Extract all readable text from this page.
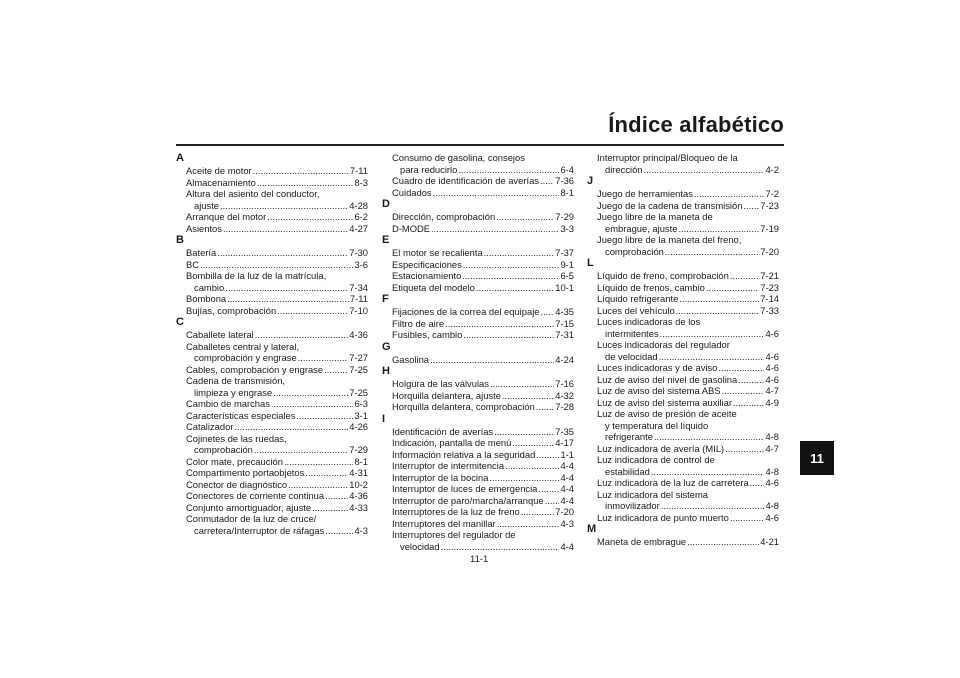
Índice alfabético
A
Aceite de motor .....	7-11
Almacenamiento .....	8-3
Altura del asiento del conductor,
ajuste .....	4-28
Arranque del motor .....	6-2
Asientos .....	4-27
B
Batería .....	7-30
BC .....	3-6
Bombilla de la luz de la matrícula,
cambio .....	7-34
Bombona .....	7-11
Bujías, comprobación .....	7-10
C
Caballete lateral .....	4-36
Caballetes central y lateral,
comprobación y engrase .....	7-27
Cables, comprobación y engrase .....	7-25
Cadena de transmisión,
limpieza y engrase .....	7-25
Cambio de marchas .....	6-3
Características especiales .....	3-1
Catalizador .....	4-26
Cojinetes de las ruedas,
comprobación .....	7-29
Color mate, precaución .....	8-1
Compartimento portaobjetos .....	4-31
Conector de diagnóstico .....	10-2
Conectores de corriente continua .....	4-36
Conjunto amortiguador, ajuste .....	4-33
Conmutador de la luz de cruce/
carretera/Interruptor de ráfagas .....	4-3
Consumo de gasolina, consejos
para reducirlo .....	6-4
Cuadro de identificación de averías ..... 7-36
Cuidados .....	8-1
D
Dirección, comprobación .....	7-29
D-MODE .....	3-3
E
El motor se recalienta .....	7-37
Especificaciones .....	9-1
Estacionamiento .....	6-5
Etiqueta del modelo .....	10-1
F
Fijaciones de la correa del equipaje ..... 4-35
Filtro de aire .....	7-15
Fusibles, cambio .....	7-31
G
Gasolina .....	4-24
H
Holgura de las válvulas .....	7-16
Horquilla delantera, ajuste .....	4-32
Horquilla delantera, comprobación ..... 7-28
I
Identificación de averías .....	7-35
Indicación, pantalla de menú .....	4-17
Información relativa a la seguridad .....	1-1
Interruptor de intermitencia .....	4-4
Interruptor de la bocina .....	4-4
Interruptor de luces de emergencia ..... 4-4
Interruptor de paro/marcha/arranque ..... 4-4
Interruptores de la luz de freno .....	7-20
Interruptores del manillar .....	4-3
Interruptores del regulador de
velocidad .....	4-4
Interruptor principal/Bloqueo de la
dirección .....	4-2
J
Juego de herramientas .....	7-2
Juego de la cadena de transmisión ..... 7-23
Juego libre de la maneta de
embrague, ajuste .....	7-19
Juego libre de la maneta del freno,
comprobación .....	7-20
L
Líquido de freno, comprobación .....	7-21
Líquido de frenos, cambio .....	7-23
Líquido refrigerante .....	7-14
Luces del vehículo .....	7-33
Luces indicadoras de los
intermitentes .....	4-6
Luces indicadoras del regulador
de velocidad .....	4-6
Luces indicadoras y de aviso .....	4-6
Luz de aviso del nivel de gasolina .....	4-6
Luz de aviso del sistema ABS .....	4-7
Luz de aviso del sistema auxiliar .....	4-9
Luz de aviso de presión de aceite
y temperatura del líquido
refrigerante .....	4-8
Luz indicadora de avería (MIL) .....	4-7
Luz indicadora de control de
estabilidad .....	4-8
Luz indicadora de la luz de carretera ..... 4-6
Luz indicadora del sistema
inmovilizador .....	4-8
Luz indicadora de punto muerto .....	4-6
M
Maneta de embrague .....	4-21
11
11-1
